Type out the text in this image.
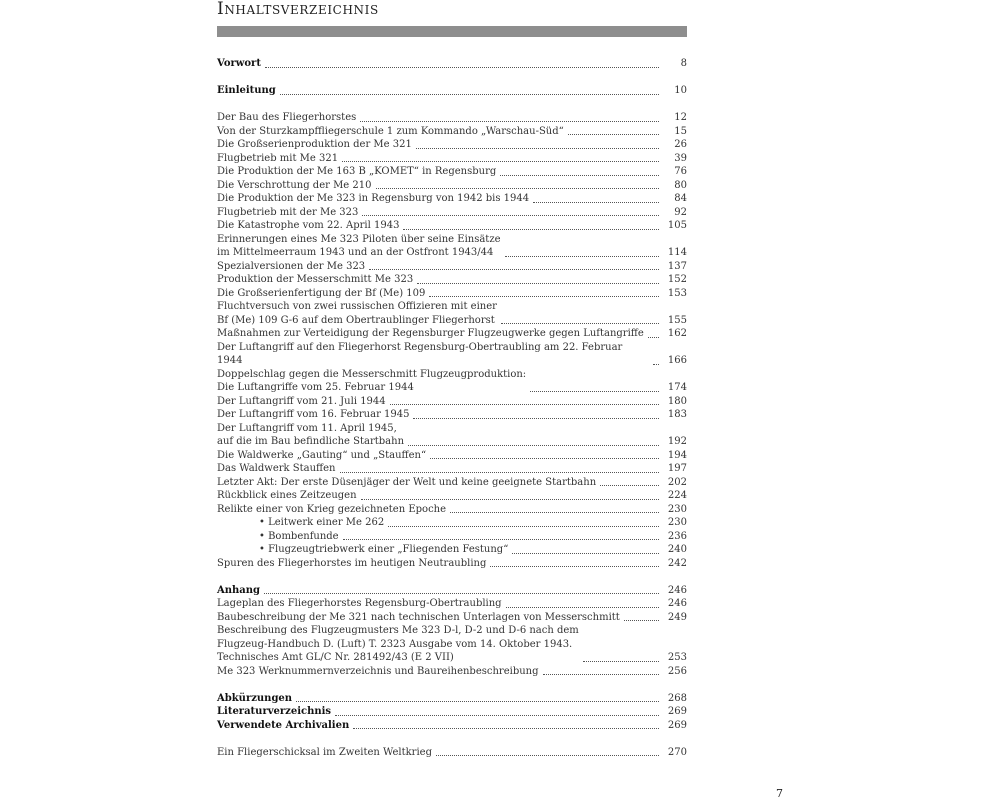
Inhaltsverzeichnis
Vorwort	8
Einleitung	10
Der Bau des Fliegerhorstes	12
Von der Sturzkampffliegerschule 1 zum Kommando „Warschau-Süd“	15
Die Großserienproduktion der Me 321	26
Flugbetrieb mit Me 321	39
Die Produktion der Me 163 B „KOMET“ in Regensburg	76
Die Verschrottung der Me 210	80
Die Produktion der Me 323 in Regensburg von 1942 bis 1944	84
Flugbetrieb mit der Me 323	92
Die Katastrophe vom 22. April 1943	105
Erinnerungen eines Me 323 Piloten über seine Einsätze
im Mittelmeerraum 1943 und an der Ostfront 1943/44	114
Spezialversionen der Me 323	137
Produktion der Messerschmitt Me 323	152
Die Großserienfertigung der Bf (Me) 109	153
Fluchtversuch von zwei russischen Offizieren mit einer
Bf (Me) 109 G-6 auf dem Obertraublinger Fliegerhorst	155
Maßnahmen zur Verteidigung der Regensburger Flugzeugwerke gegen Luftangriffe 162
Der Luftangriff auf den Fliegerhorst Regensburg-Obertraubling am 22. Februar 1944	166
Doppelschlag gegen die Messerschmitt Flugzeugproduktion:
Die Luftangriffe vom 25. Februar 1944	174
Der Luftangriff vom 21. Juli 1944	180
Der Luftangriff vom 16. Februar 1945	183
Der Luftangriff vom 11. April 1945,
auf die im Bau befindliche Startbahn	192
Die Waldwerke „Gauting“ und „Stauffen“	194
Das Waldwerk Stauffen	197
Letzter Akt: Der erste Düsenjäger der Welt und keine geeignete Startbahn	202
Rückblick eines Zeitzeugen	224
Relikte einer von Krieg gezeichneten Epoche	230
• Leitwerk einer Me 262	230
• Bombenfunde	236
• Flugzeugtriebwerk einer „Fliegenden Festung“	240
Spuren des Fliegerhorstes im heutigen Neutraubling	242
Anhang	246
Lageplan des Fliegerhorstes Regensburg-Obertraubling	246
Baubeschreibung der Me 321 nach technischen Unterlagen von Messerschmitt	249
Beschreibung des Flugzeugmusters Me 323 D-l, D-2 und D-6 nach dem
Flugzeug-Handbuch D. (Luft) T. 2323 Ausgabe vom 14. Oktober 1943.
Technisches Amt GL/C Nr. 281492/43 (E 2 VII)	253
Me 323 Werknummernverzeichnis und Baureihenbeschreibung	256
Abkürzungen	268
Literaturverzeichnis	269
Verwendete Archivalien	269
Ein Fliegerschicksal im Zweiten Weltkrieg	270
7
